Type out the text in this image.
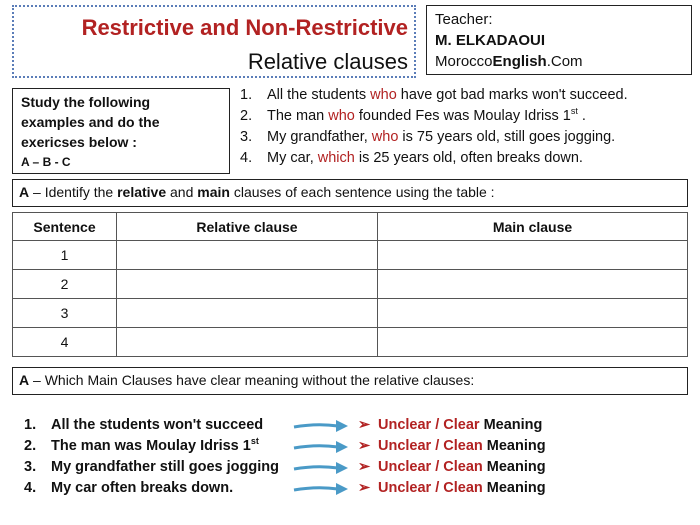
Restrictive and Non-Restrictive
Relative clauses
Teacher:
M. ELKADAOUI
MoroccoEnglish.Com
Study the following
examples and do the
exericses below :
A – B - C
1. All the students who have got bad marks won't succeed.
2. The man who founded Fes was Moulay Idriss 1st .
3. My grandfather, who is 75 years old, still goes jogging.
4. My car, which is 25 years old, often breaks down.
A – Identify the relative and main clauses of each sentence using the table :
Sentence	Relative clause	Main clause
1		
2		
3		
4		
A – Which Main Clauses have clear meaning without the relative clauses:
1. All the students won't succeed
2. The man was Moulay Idriss 1st
3. My grandfather still goes jogging
4. My car often breaks down.
➢ Unclear / Clear Meaning
➢ Unclear / Clean Meaning
➢ Unclear / Clean Meaning
➢ Unclear / Clean Meaning
